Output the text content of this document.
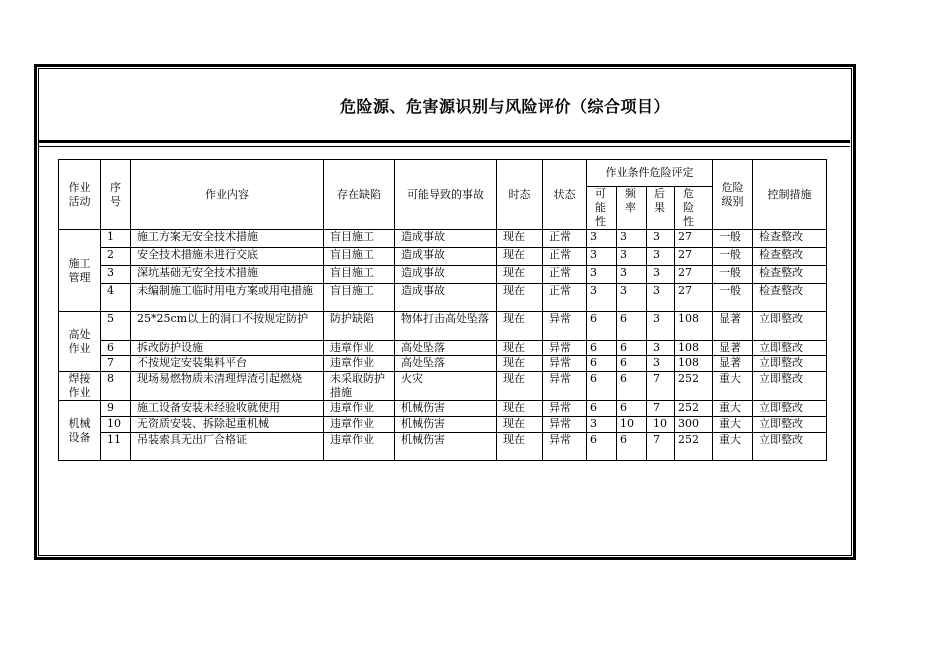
危险源、危害源识别与风险评价（综合项目）
作业活动	序号	作业内容	存在缺陷	可能导致的事故	时态	状态	作业条件危险评定				危险级别	控制措施
							可能性	频率	后果	危险性		
施工管理	1	施工方案无安全技术措施	盲目施工	造成事故	现在	正常	3	3	3	27	一般	检查整改
	2	安全技术措施未进行交底	盲目施工	造成事故	现在	正常	3	3	3	27	一般	检查整改
	3	深坑基础无安全技术措施	盲目施工	造成事故	现在	正常	3	3	3	27	一般	检查整改
	4	未编制施工临时用电方案或用电措施	盲目施工	造成事故	现在	正常	3	3	3	27	一般	检查整改
高处作业	5	25*25cm以上的洞口不按规定防护	防护缺陷	物体打击高处坠落	现在	异常	6	6	3	108	显著	立即整改
	6	拆改防护设施	违章作业	高处坠落	现在	异常	6	6	3	108	显著	立即整改
	7	不按规定安装集料平台	违章作业	高处坠落	现在	异常	6	6	3	108	显著	立即整改
焊接作业	8	现场易燃物质未清理焊渣引起燃烧	未采取防护措施	火灾	现在	异常	6	6	7	252	重大	立即整改
机械设备	9	施工设备安装未经验收就使用	违章作业	机械伤害	现在	异常	6	6	7	252	重大	立即整改
	10	无资质安装、拆除起重机械	违章作业	机械伤害	现在	异常	3	10	10	300	重大	立即整改
	11	吊装索具无出厂合格证	违章作业	机械伤害	现在	异常	6	6	7	252	重大	立即整改
